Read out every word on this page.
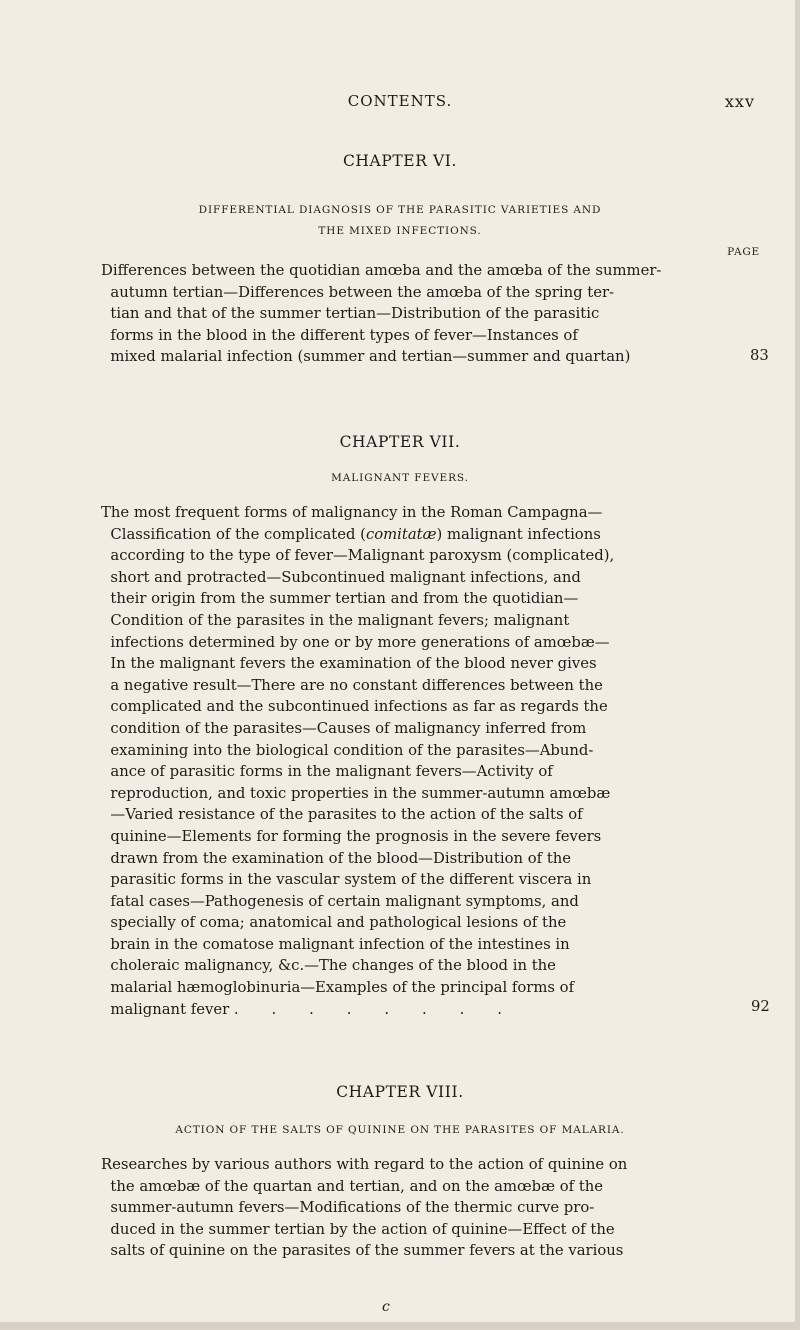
CONTENTS.	xxv
CHAPTER VI.
DIFFERENTIAL DIAGNOSIS OF THE PARASITIC VARIETIES AND
THE MIXED INFECTIONS.
PAGE
Differences between the quotidian amœba and the amœba of the summer-
autumn tertian—Differences between the amœba of the spring ter-
tian and that of the summer tertian—Distribution of the parasitic
forms in the blood in the different types of fever—Instances of
mixed malarial infection (summer and tertian—summer and quartan)	83
CHAPTER VII.
MALIGNANT FEVERS.
The most frequent forms of malignancy in the Roman Campagna—
Classification of the complicated (comitatæ) malignant infections
according to the type of fever—Malignant paroxysm (complicated),
short and protracted—Subcontinued malignant infections, and
their origin from the summer tertian and from the quotidian—
Condition of the parasites in the malignant fevers; malignant
infections determined by one or by more generations of amœbæ—
In the malignant fevers the examination of the blood never gives
a negative result—There are no constant differences between the
complicated and the subcontinued infections as far as regards the
condition of the parasites—Causes of malignancy inferred from
examining into the biological condition of the parasites—Abund-
ance of parasitic forms in the malignant fevers—Activity of
reproduction, and toxic properties in the summer-autumn amœbæ
—Varied resistance of the parasites to the action of the salts of
quinine—Elements for forming the prognosis in the severe fevers
drawn from the examination of the blood—Distribution of the
parasitic forms in the vascular system of the different viscera in
fatal cases—Pathogenesis of certain malignant symptoms, and
specially of coma; anatomical and pathological lesions of the
brain in the comatose malignant infection of the intestines in
choleraic malignancy, &c.—The changes of the blood in the
malarial hæmoglobinuria—Examples of the principal forms of
malignant fever .       .       .       .       .       .       .       .	92
CHAPTER VIII.
ACTION OF THE SALTS OF QUININE ON THE PARASITES OF MALARIA.
Researches by various authors with regard to the action of quinine on
the amœbæ of the quartan and tertian, and on the amœbæ of the
summer-autumn fevers—Modifications of the thermic curve pro-
duced in the summer tertian by the action of quinine—Effect of the
salts of quinine on the parasites of the summer fevers at the various
c
